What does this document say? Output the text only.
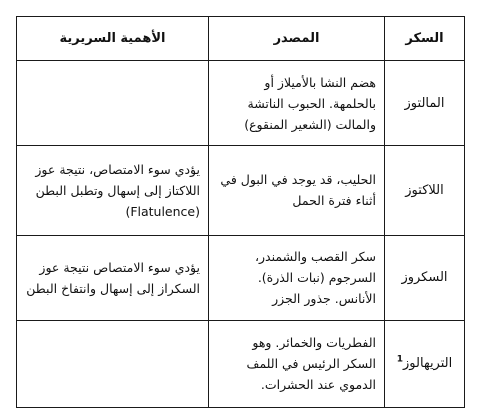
السكر	المصدر	الأهمية السريرية
المالتوز	هضم النشا بالأميلاز أو بالحلمهة. الحبوب الناتشة والمالت (الشعير المنقوع)	
اللاكتوز	الحليب، قد يوجد في البول في أثناء فترة الحمل	يؤدي سوء الامتصاص، نتيجة عوز اللاكتاز إلى إسهال وتطبل البطن (Flatulence)
السكروز	سكر القصب والشمندر، السرجوم (نبات الذرة). الأنانس. جذور الجزر	يؤدي سوء الامتصاص نتيجة عوز السكراز إلى إسهال وانتفاخ البطن
التريهالوز$^1$	الفطريات والخمائر. وهو السكر الرئيس في اللمف الدموي عند الحشرات.	
